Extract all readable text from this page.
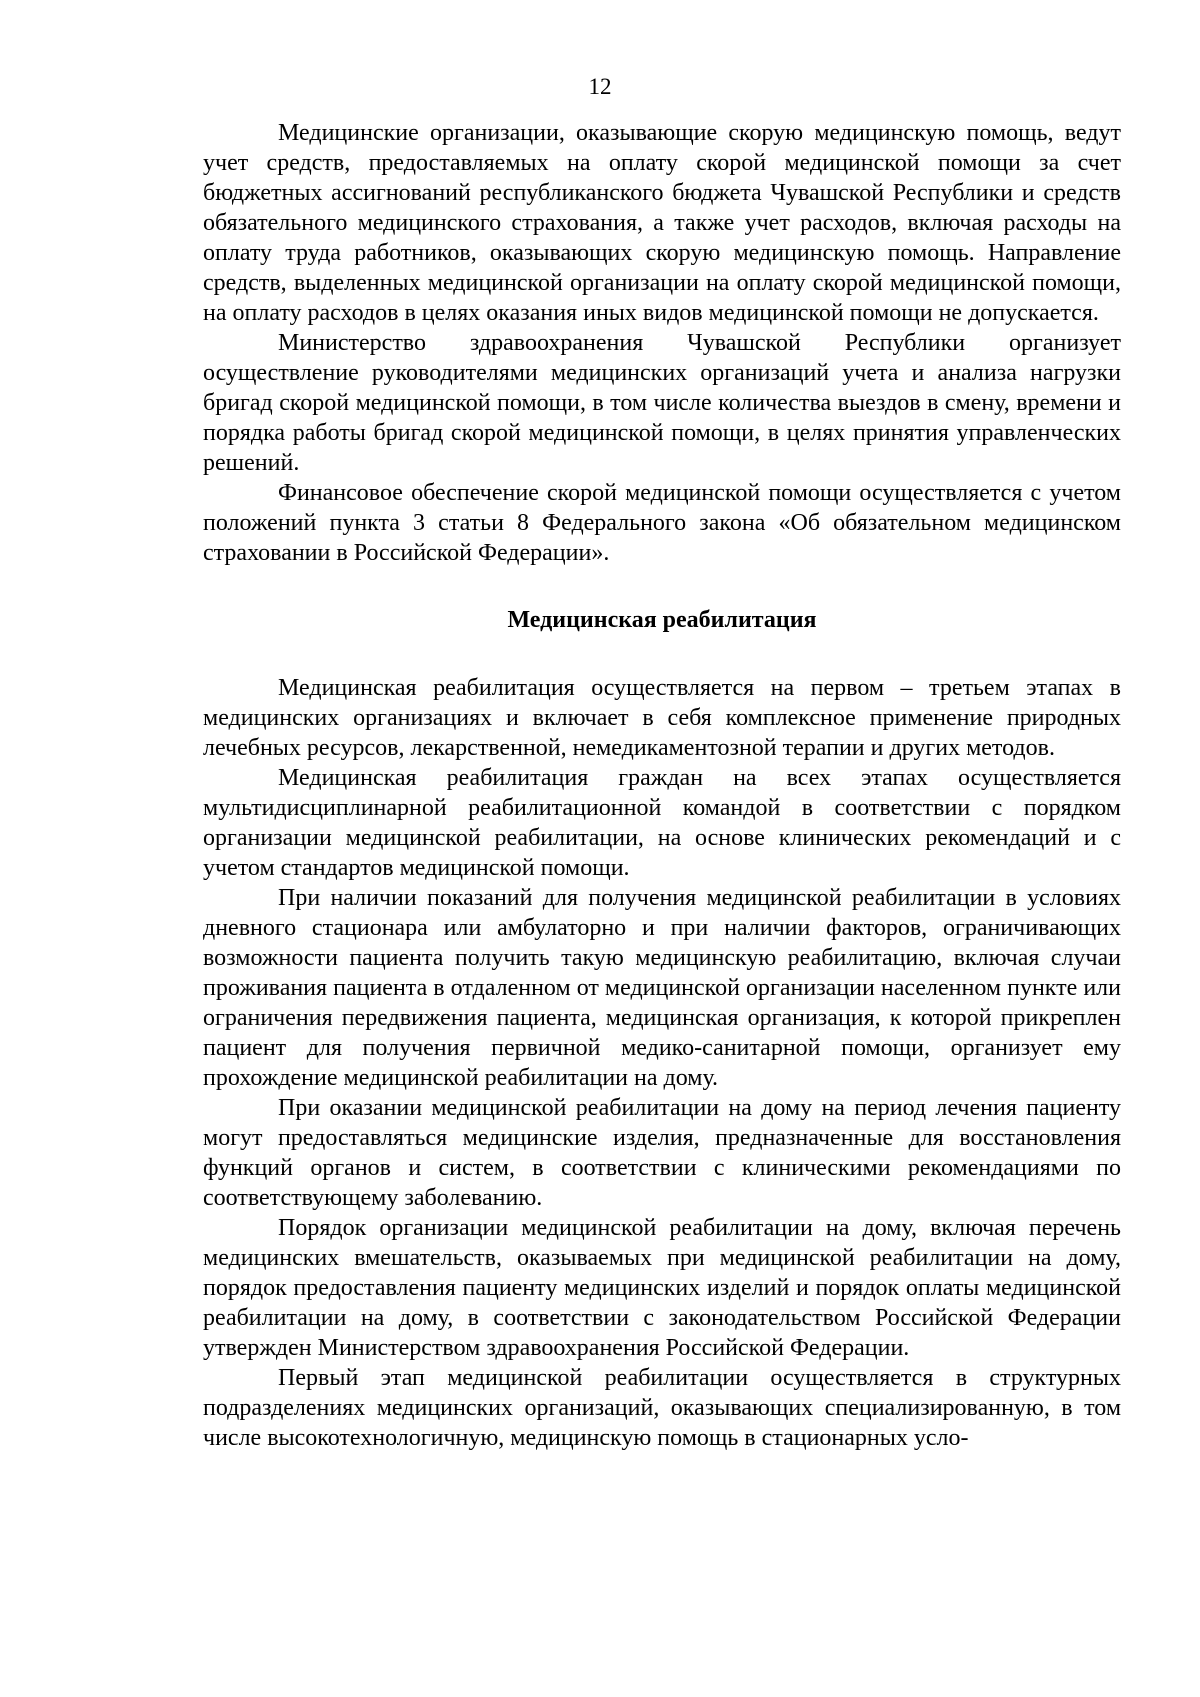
12

Медицинские организации, оказывающие скорую медицинскую помощь, ведут учет средств, предоставляемых на оплату скорой медицинской помощи за счет бюджетных ассигнований республиканского бюджета Чувашской Республики и средств обязательного медицинского страхования, а также учет расходов, включая расходы на оплату труда работников, оказывающих скорую медицинскую помощь. Направление средств, выделенных медицинской организации на оплату скорой медицинской помощи, на оплату расходов в целях оказания иных видов медицинской помощи не допускается.

Министерство здравоохранения Чувашской Республики организует осуществление руководителями медицинских организаций учета и анализа нагрузки бригад скорой медицинской помощи, в том числе количества выездов в смену, времени и порядка работы бригад скорой медицинской помощи, в целях принятия управленческих решений.

Финансовое обеспечение скорой медицинской помощи осуществляется с учетом положений пункта 3 статьи 8 Федерального закона «Об обязательном медицинском страховании в Российской Федерации».

Медицинская реабилитация

Медицинская реабилитация осуществляется на первом – третьем этапах в медицинских организациях и включает в себя комплексное применение природных лечебных ресурсов, лекарственной, немедикаментозной терапии и других методов.

Медицинская реабилитация граждан на всех этапах осуществляется мультидисциплинарной реабилитационной командой в соответствии с порядком организации медицинской реабилитации, на основе клинических рекомендаций и с учетом стандартов медицинской помощи.

При наличии показаний для получения медицинской реабилитации в условиях дневного стационара или амбулаторно и при наличии факторов, ограничивающих возможности пациента получить такую медицинскую реабилитацию, включая случаи проживания пациента в отдаленном от медицинской организации населенном пункте или ограничения передвижения пациента, медицинская организация, к которой прикреплен пациент для получения первичной медико-санитарной помощи, организует ему прохождение медицинской реабилитации на дому.

При оказании медицинской реабилитации на дому на период лечения пациенту могут предоставляться медицинские изделия, предназначенные для восстановления функций органов и систем, в соответствии с клиническими рекомендациями по соответствующему заболеванию.

Порядок организации медицинской реабилитации на дому, включая перечень медицинских вмешательств, оказываемых при медицинской реабилитации на дому, порядок предоставления пациенту медицинских изделий и порядок оплаты медицинской реабилитации на дому, в соответствии с законодательством Российской Федерации утвержден Министерством здравоохранения Российской Федерации.

Первый этап медицинской реабилитации осуществляется в структурных подразделениях медицинских организаций, оказывающих специализированную, в том числе высокотехнологичную, медицинскую помощь в стационарных усло-
